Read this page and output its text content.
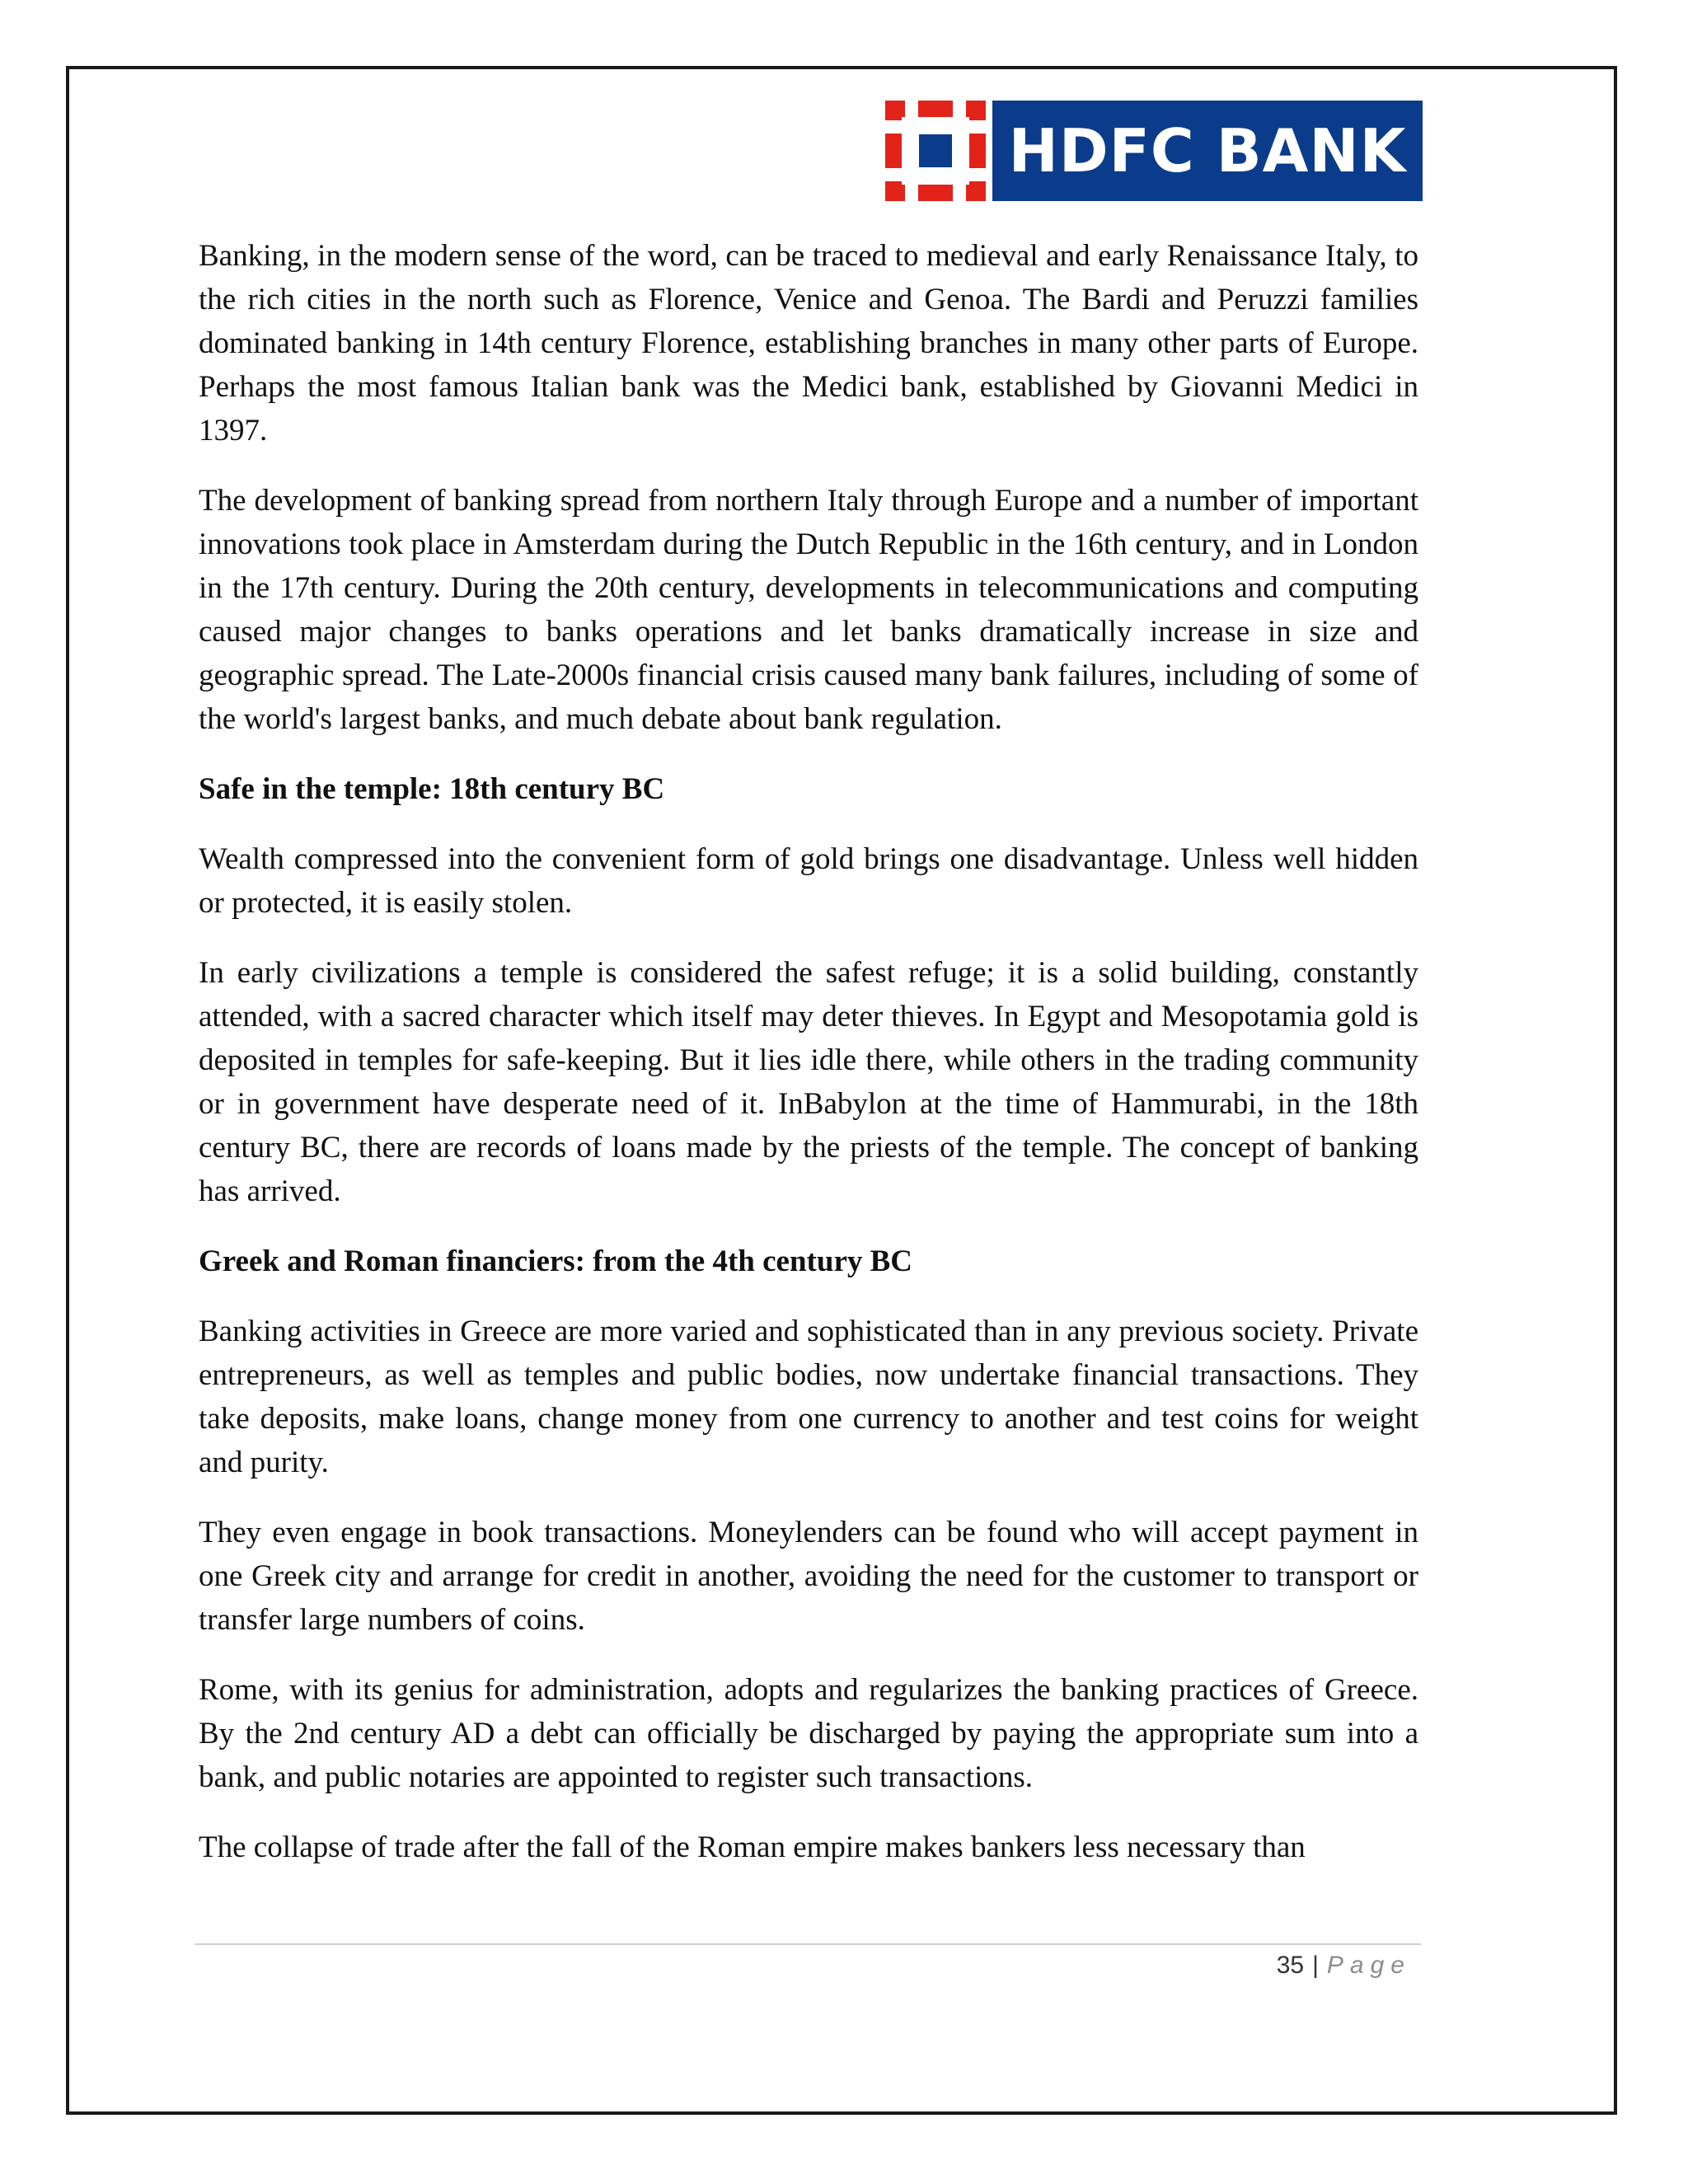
HDFC BANK

Banking, in the modern sense of the word, can be traced to medieval and early Renaissance Italy, to the rich cities in the north such as Florence, Venice and Genoa. The Bardi and Peruzzi families dominated banking in 14th century Florence, establishing branches in many other parts of Europe. Perhaps the most famous Italian bank was the Medici bank, established by Giovanni Medici in 1397.

The development of banking spread from northern Italy through Europe and a number of important innovations took place in Amsterdam during the Dutch Republic in the 16th century, and in London in the 17th century. During the 20th century, developments in telecommunications and computing caused major changes to banks operations and let banks dramatically increase in size and geographic spread. The Late-2000s financial crisis caused many bank failures, including of some of the world's largest banks, and much debate about bank regulation.

Safe in the temple: 18th century BC

Wealth compressed into the convenient form of gold brings one disadvantage. Unless well hidden or protected, it is easily stolen.

In early civilizations a temple is considered the safest refuge; it is a solid building, constantly attended, with a sacred character which itself may deter thieves. In Egypt and Mesopotamia gold is deposited in temples for safe-keeping. But it lies idle there, while others in the trading community or in government have desperate need of it. InBabylon at the time of Hammurabi, in the 18th century BC, there are records of loans made by the priests of the temple. The concept of banking has arrived.

Greek and Roman financiers: from the 4th century BC

Banking activities in Greece are more varied and sophisticated than in any previous society. Private entrepreneurs, as well as temples and public bodies, now undertake financial transactions. They take deposits, make loans, change money from one currency to another and test coins for weight and purity.

They even engage in book transactions. Moneylenders can be found who will accept payment in one Greek city and arrange for credit in another, avoiding the need for the customer to transport or transfer large numbers of coins.

Rome, with its genius for administration, adopts and regularizes the banking practices of Greece. By the 2nd century AD a debt can officially be discharged by paying the appropriate sum into a bank, and public notaries are appointed to register such transactions.

The collapse of trade after the fall of the Roman empire makes bankers less necessary than

35 | Page
